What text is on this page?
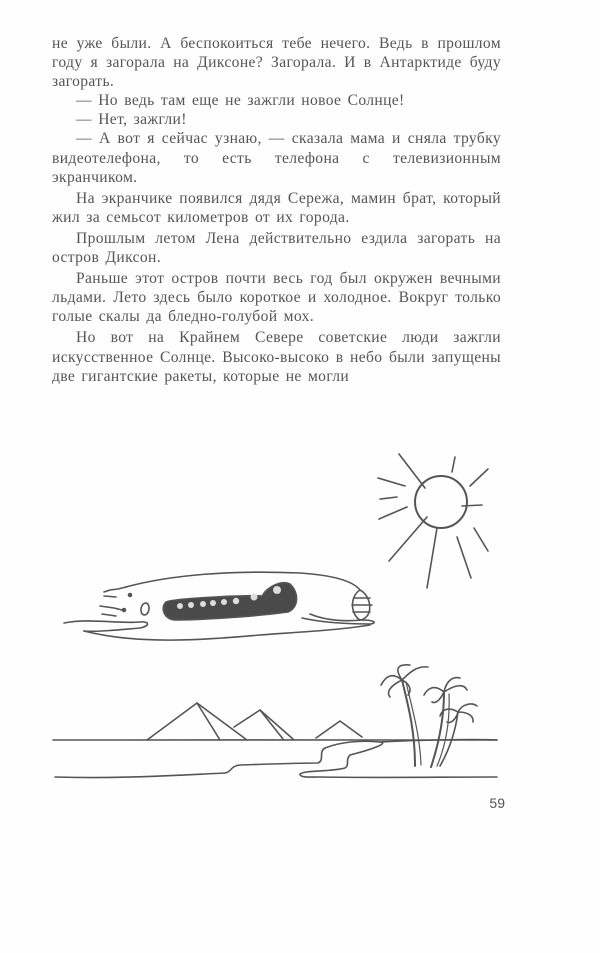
не уже были. А беспокоиться тебе нечего. Ведь в прошлом году я загорала на Диксоне? Загорала. И в Антарктиде буду загорать.

— Но ведь там еще не зажгли новое Солнце!

— Нет, зажгли!

— А вот я сейчас узнаю, — сказала мама и сняла трубку видеотелефона, то есть телефона с телевизионным экранчиком.

На экранчике появился дядя Сережа, мамин брат, который жил за семьсот километров от их города.

Прошлым летом Лена действительно ездила загорать на остров Диксон.

Раньше этот остров почти весь год был окружен вечными льдами. Лето здесь было короткое и холодное. Вокруг только голые скалы да бледно-голубой мох.

Но вот на Крайнем Севере советские люди зажгли искусственное Солнце. Высоко-высоко в небо были запущены две гигантские ракеты, которые не могли

59
